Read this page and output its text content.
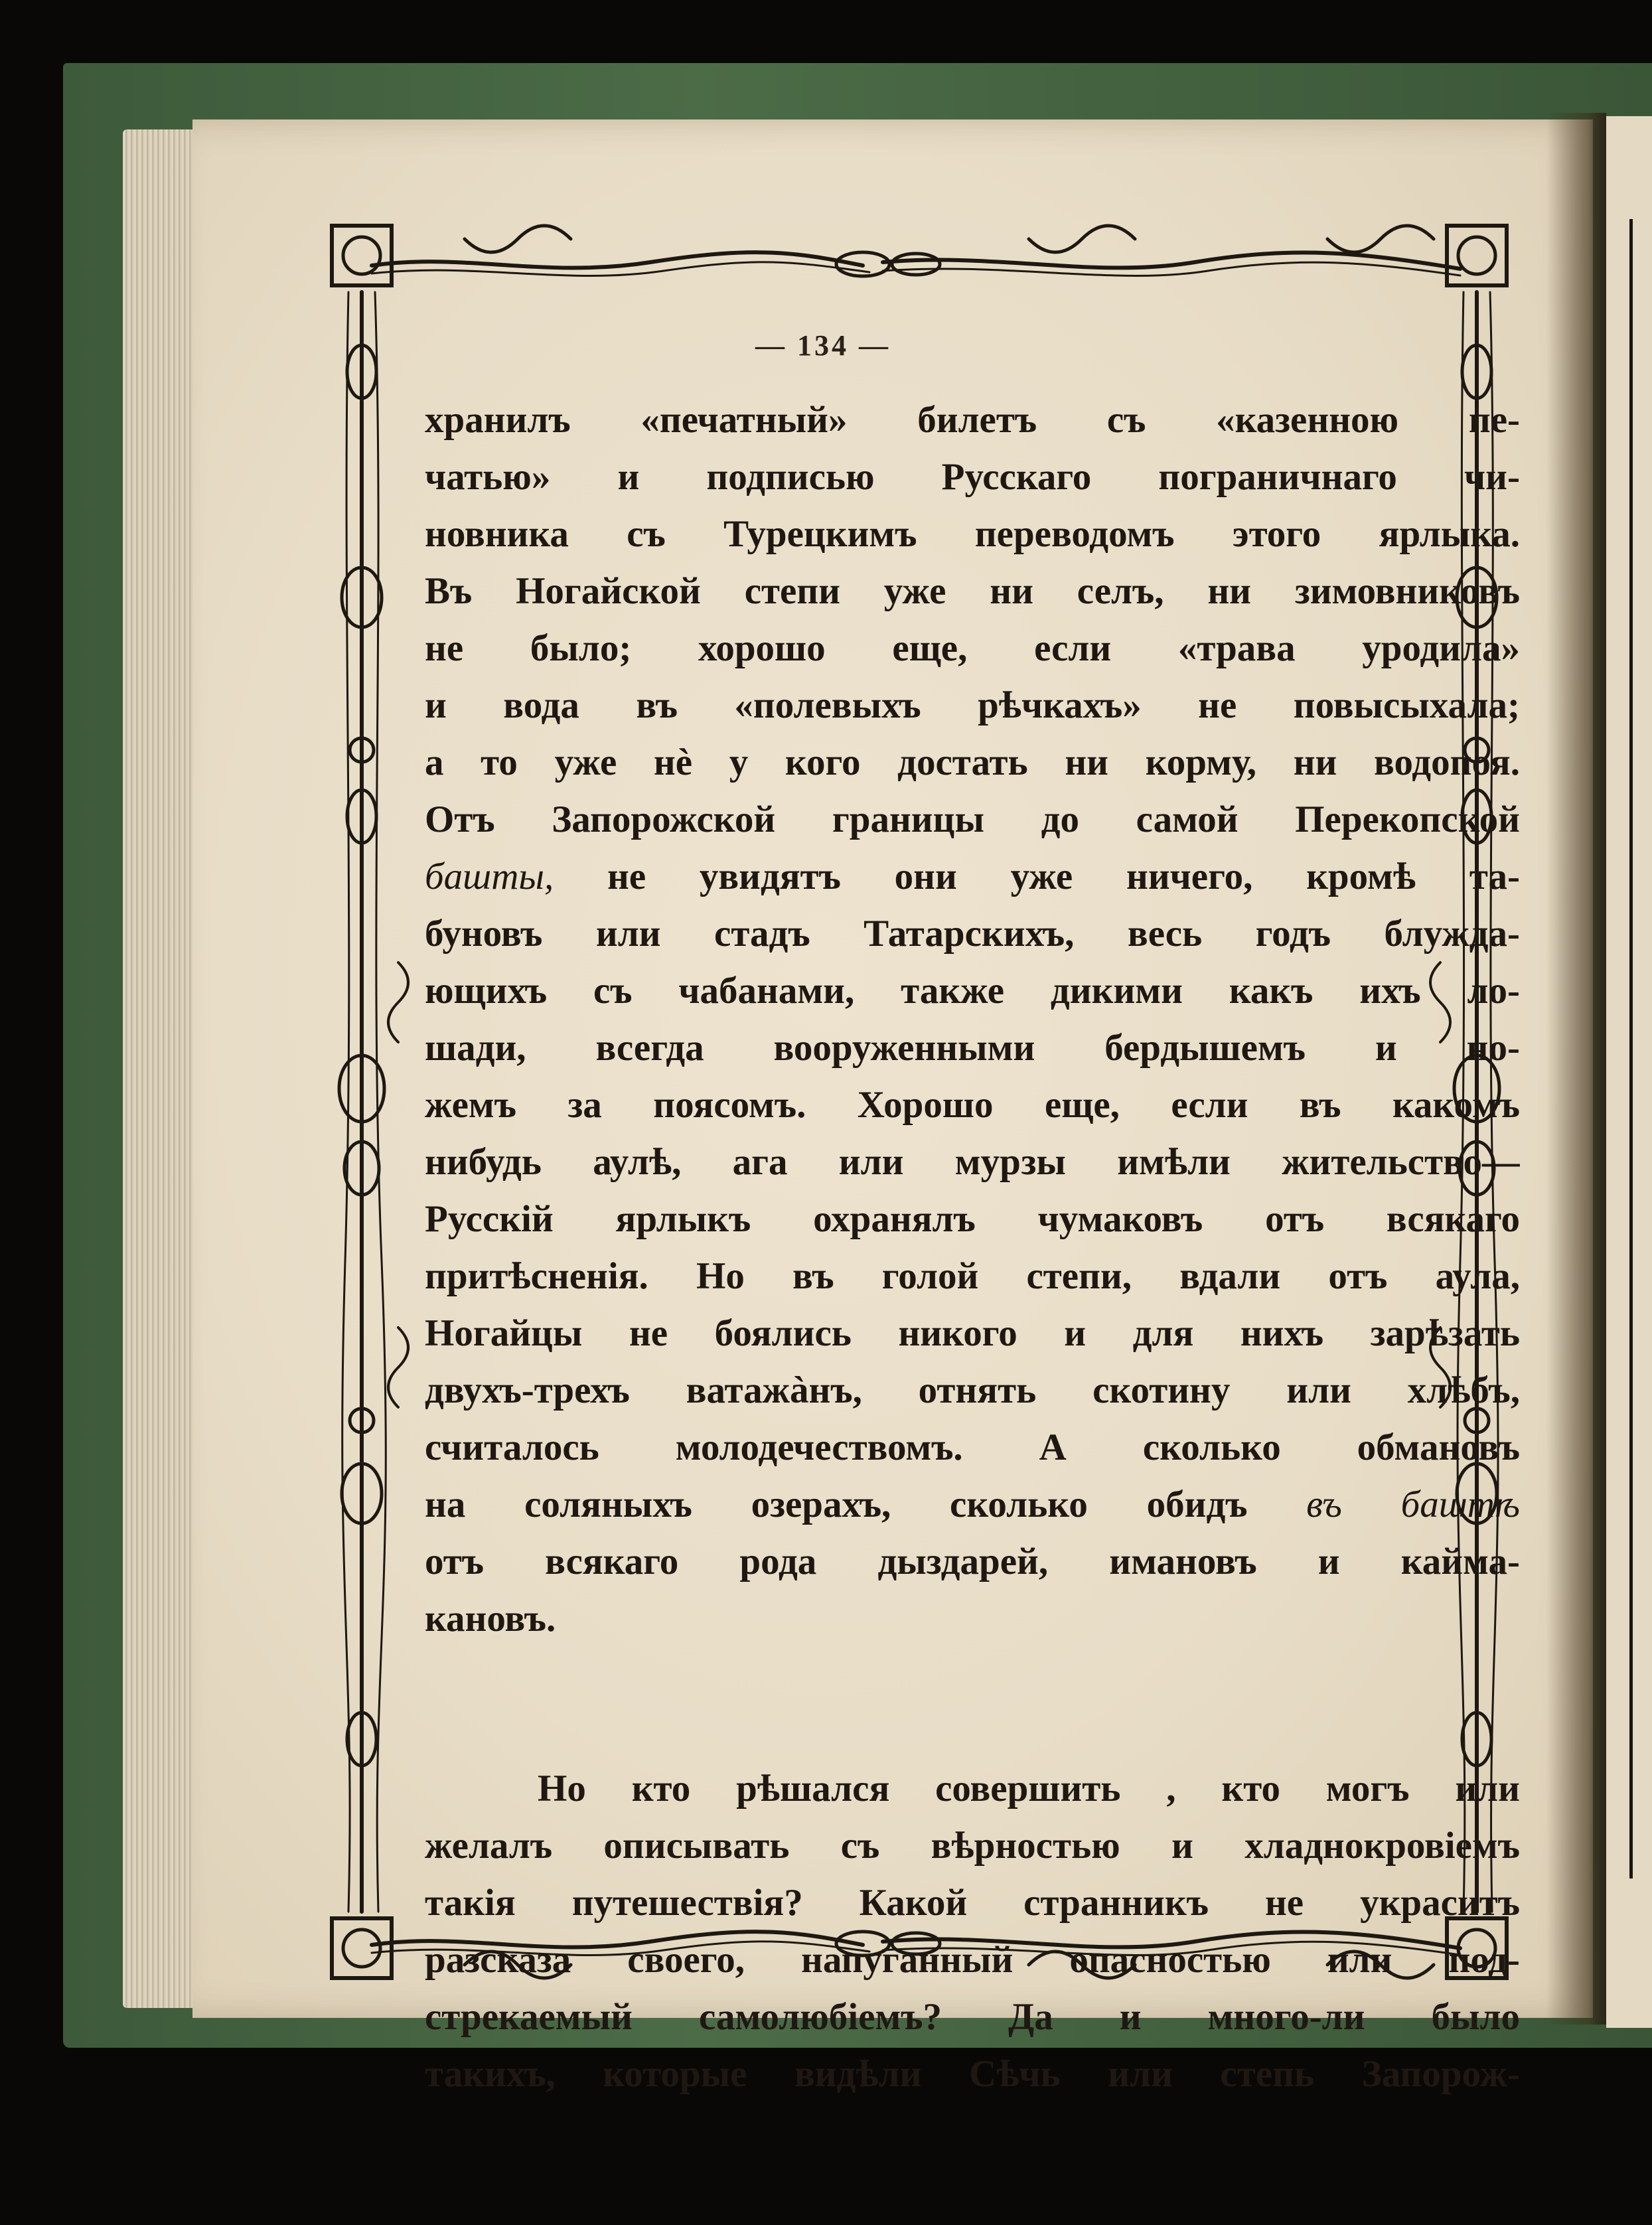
— 134 —
хранилъ «печатный» билетъ съ «казенною пе-
чатью» и подписью Русскаго пограничнаго чи-
новника съ Турецкимъ переводомъ этого ярлыка.
Въ Ногайской степи уже ни селъ, ни зимовниковъ
не было; хорошо еще, если «трава уродила»
и вода въ «полевыхъ рѣчкахъ» не повысыхала;
а то уже нѐ у кого достать ни корму, ни водопоя.
Отъ Запорожской границы до самой Перекопской
башты, не увидятъ они уже ничего, кромѣ та-
буновъ или стадъ Татарскихъ, весь годъ блужда-
ющихъ съ чабанами, также дикими какъ ихъ ло-
шади, всегда вооруженными бердышемъ и но-
жемъ за поясомъ. Хорошо еще, если въ какомъ
нибудь аулѣ, ага или мурзы имѣли жительство—
Русскій ярлыкъ охранялъ чумаковъ отъ всякаго
притѣсненія. Но въ голой степи, вдали отъ аула,
Ногайцы не боялись никого и для нихъ зарѣзать
двухъ-трехъ ватажàнъ, отнять скотину или хлѣбъ,
считалось молодечествомъ. А сколько обмановъ
на соляныхъ озерахъ, сколько обидъ въ баштѣ
отъ всякаго рода дыздарей, имановъ и кайма-
кановъ.
Но кто рѣшался совершить , кто могъ или
желалъ описывать съ вѣрностью и хладнокровіемъ
такія путешествія? Какой странникъ не украситъ
разсказа своего, напуганный опасностью или под-
стрекаемый самолюбіемъ? Да и много-ли было
такихъ, которые видѣли Сѣчь или степь Запорож-
